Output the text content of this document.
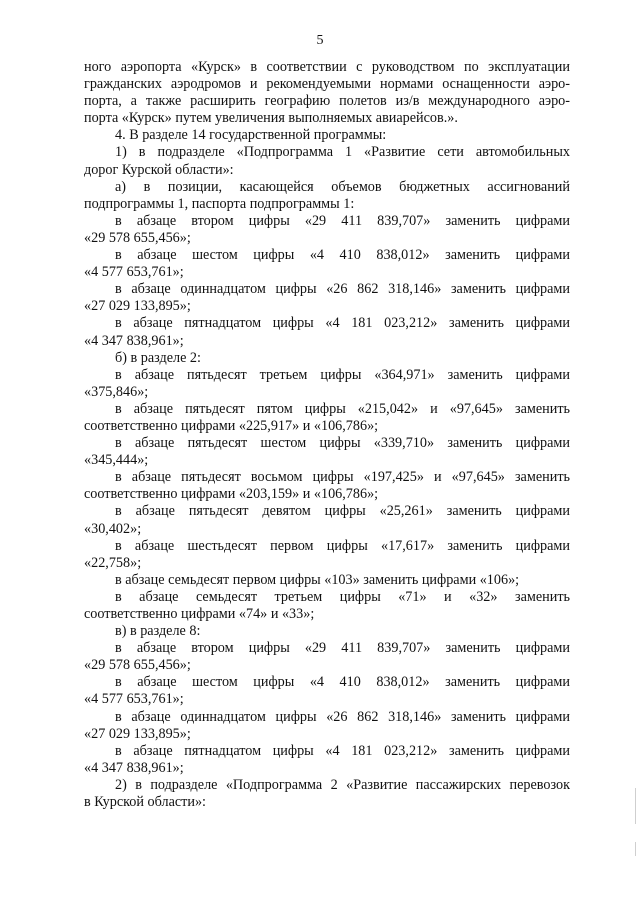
5
ного аэропорта «Курск» в соответствии с руководством по эксплуатации
гражданских аэродромов и рекомендуемыми нормами оснащенности аэро-
порта, а также расширить географию полетов из/в международного аэро-
порта «Курск» путем увеличения выполняемых авиарейсов.».
4. В разделе 14 государственной программы:
1) в подразделе «Подпрограмма 1 «Развитие сети автомобильных
дорог Курской области»:
а) в позиции, касающейся объемов бюджетных ассигнований
подпрограммы 1, паспорта подпрограммы 1:
в абзаце втором цифры «29 411 839,707» заменить цифрами
«29 578 655,456»;
в абзаце шестом цифры «4 410 838,012» заменить цифрами
«4 577 653,761»;
в абзаце одиннадцатом цифры «26 862 318,146» заменить цифрами
«27 029 133,895»;
в абзаце пятнадцатом цифры «4 181 023,212» заменить цифрами
«4 347 838,961»;
б) в разделе 2:
в абзаце пятьдесят третьем цифры «364,971» заменить цифрами
«375,846»;
в абзаце пятьдесят пятом цифры «215,042» и «97,645» заменить
соответственно цифрами «225,917» и «106,786»;
в абзаце пятьдесят шестом цифры «339,710» заменить цифрами
«345,444»;
в абзаце пятьдесят восьмом цифры «197,425» и «97,645» заменить
соответственно цифрами «203,159» и «106,786»;
в абзаце пятьдесят девятом цифры «25,261» заменить цифрами
«30,402»;
в абзаце шестьдесят первом цифры «17,617» заменить цифрами
«22,758»;
в абзаце семьдесят первом цифры «103» заменить цифрами «106»;
в абзаце семьдесят третьем цифры «71» и «32» заменить
соответственно цифрами «74» и «33»;
в) в разделе 8:
в абзаце втором цифры «29 411 839,707» заменить цифрами
«29 578 655,456»;
в абзаце шестом цифры «4 410 838,012» заменить цифрами
«4 577 653,761»;
в абзаце одиннадцатом цифры «26 862 318,146» заменить цифрами
«27 029 133,895»;
в абзаце пятнадцатом цифры «4 181 023,212» заменить цифрами
«4 347 838,961»;
2) в подразделе «Подпрограмма 2 «Развитие пассажирских перевозок
в Курской области»:
